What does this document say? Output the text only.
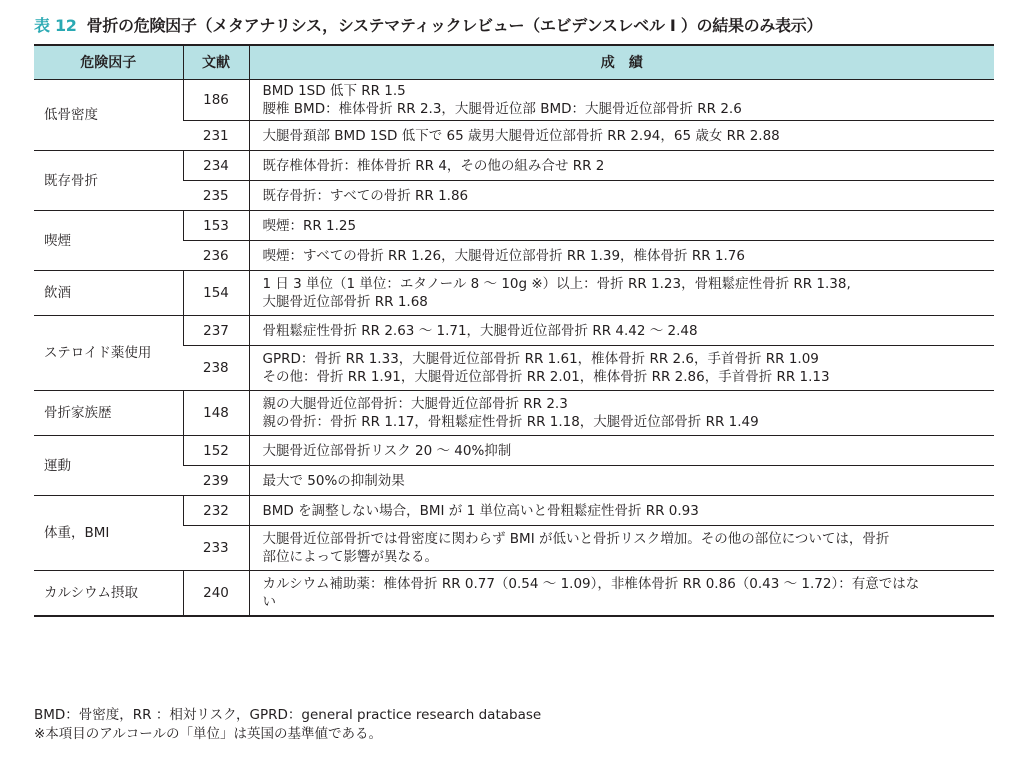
表 12 骨折の危険因子（メタアナリシス，システマティックレビュー（エビデンスレベル I ）の結果のみ表示）
危険因子	文献	成　績
低骨密度	186	BMD 1SD 低下 RR 1.5
腰椎 BMD：椎体骨折 RR 2.3，大腿骨近位部 BMD：大腿骨近位部骨折 RR 2.6

	231	大腿骨頚部 BMD 1SD 低下で 65 歳男大腿骨近位部骨折 RR 2.94，65 歳女 RR 2.88
既存骨折	234	既存椎体骨折：椎体骨折 RR 4，その他の組み合せ RR 2
	235	既存骨折：すべての骨折 RR 1.86
喫煙	153	喫煙：RR 1.25
	236	喫煙：すべての骨折 RR 1.26，大腿骨近位部骨折 RR 1.39，椎体骨折 RR 1.76
飲酒	154	1 日 3 単位（1 単位：エタノール 8 〜 10g ※）以上：骨折 RR 1.23，骨粗鬆症性骨折 RR 1.38,
大腿骨近位部骨折 RR 1.68

ステロイド薬使用	237	骨粗鬆症性骨折 RR 2.63 〜 1.71，大腿骨近位部骨折 RR 4.42 〜 2.48
	238	GPRD：骨折 RR 1.33，大腿骨近位部骨折 RR 1.61，椎体骨折 RR 2.6，手首骨折 RR 1.09
その他：骨折 RR 1.91，大腿骨近位部骨折 RR 2.01，椎体骨折 RR 2.86，手首骨折 RR 1.13

骨折家族歴	148	親の大腿骨近位部骨折：大腿骨近位部骨折 RR 2.3
親の骨折：骨折 RR 1.17，骨粗鬆症性骨折 RR 1.18，大腿骨近位部骨折 RR 1.49

運動	152	大腿骨近位部骨折リスク 20 〜 40%抑制
	239	最大で 50%の抑制効果
体重，BMI	232	BMD を調整しない場合，BMI が 1 単位高いと骨粗鬆症性骨折 RR 0.93
	233	大腿骨近位部骨折では骨密度に関わらず BMI が低いと骨折リスク増加。その他の部位については，骨折
部位によって影響が異なる。

カルシウム摂取	240	カルシウム補助薬：椎体骨折 RR 0.77（0.54 〜 1.09），非椎体骨折 RR 0.86（0.43 〜 1.72）：有意ではな
い
BMD：骨密度，RR ：相対リスク，GPRD：general practice research database
※本項目のアルコールの「単位」は英国の基準値である。
